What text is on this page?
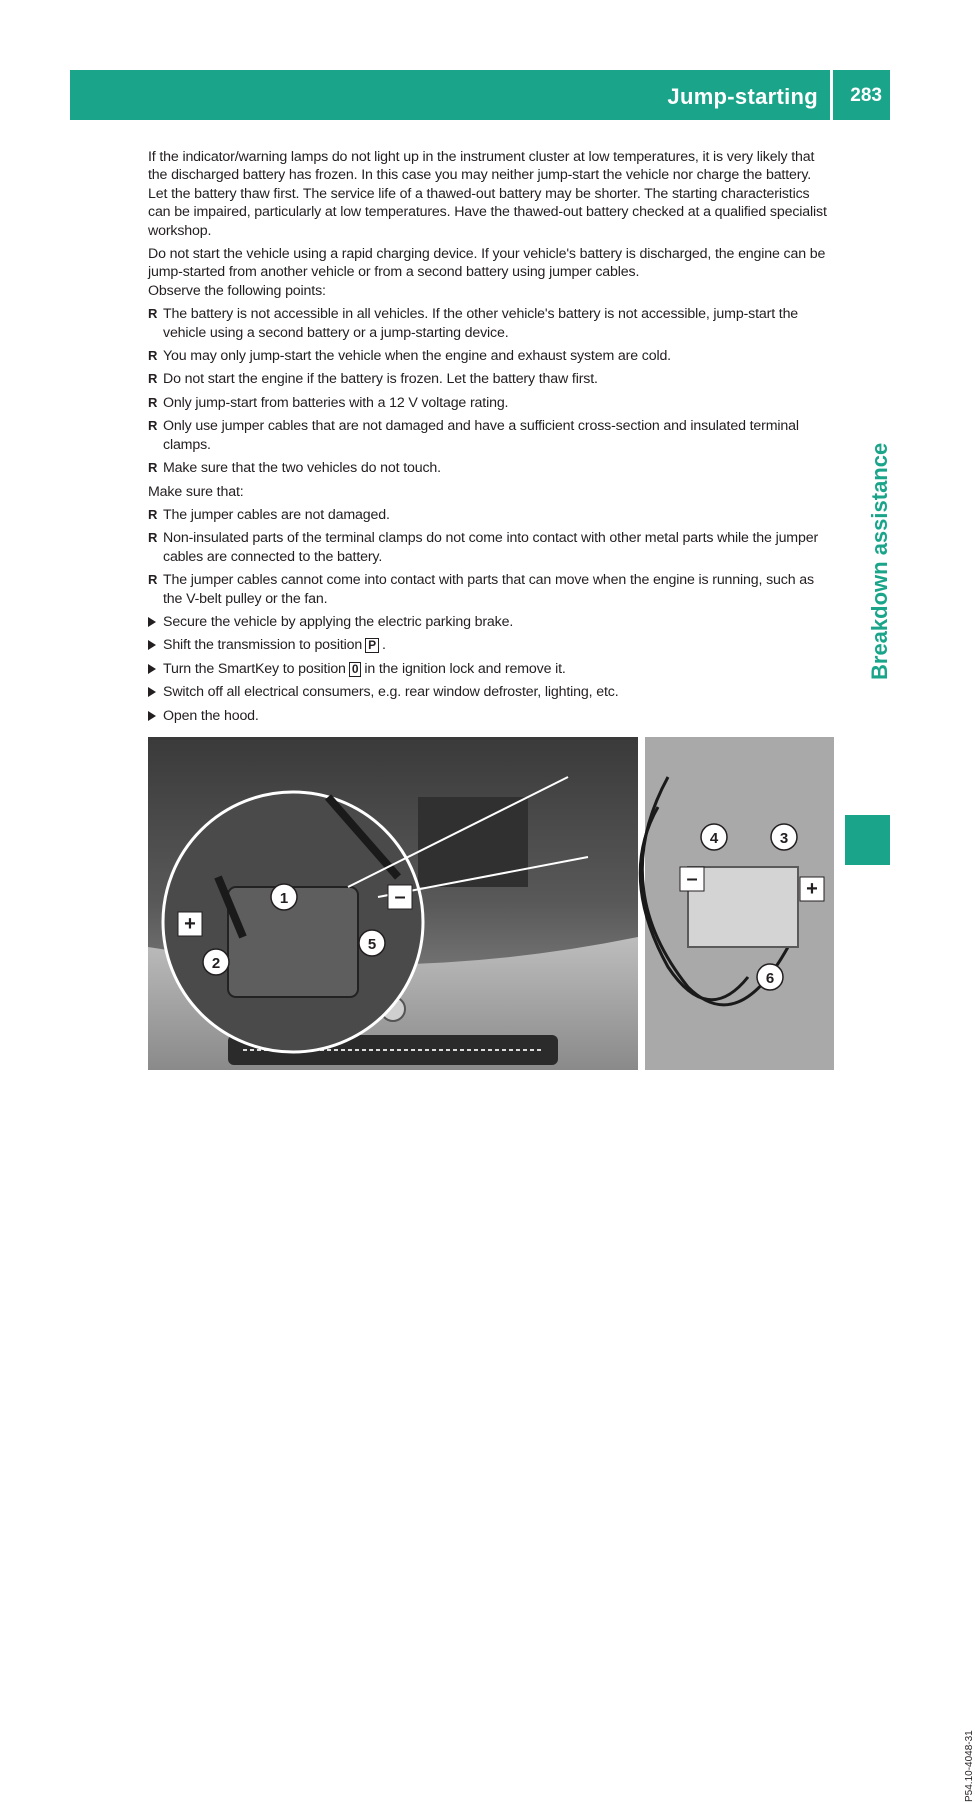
Jump-starting 283
Breakdown assistance

If the indicator/warning lamps do not light up in the instrument cluster at low temperatures, it is very likely that the discharged battery has frozen. In this case you may neither jump-start the vehicle nor charge the battery. Let the battery thaw first. The service life of a thawed-out battery may be shorter. The starting characteristics can be impaired, particularly at low temperatures. Have the thawed-out battery checked at a qualified specialist workshop.

Do not start the vehicle using a rapid charging device. If your vehicle's battery is discharged, the engine can be jump-started from another vehicle or from a second battery using jumper cables.

Observe the following points:

R The battery is not accessible in all vehicles. If the other vehicle's battery is not accessible, jump-start the vehicle using a second battery or a jump-starting device.
R You may only jump-start the vehicle when the engine and exhaust system are cold.
R Do not start the engine if the battery is frozen. Let the battery thaw first.
R Only jump-start from batteries with a 12 V voltage rating.
R Only use jumper cables that are not damaged and have a sufficient cross-section and insulated terminal clamps.
R Make sure that the two vehicles do not touch.

Make sure that:

R The jumper cables are not damaged.
R Non-insulated parts of the terminal clamps do not come into contact with other metal parts while the jumper cables are connected to the battery.
R The jumper cables cannot come into contact with parts that can move when the engine is running, such as the V-belt pulley or the fan.
Secure the vehicle by applying the electric parking brake.
Shift the transmission to position P .
Turn the SmartKey to position 0 in the ignition lock and remove it.
Switch off all electrical consumers, e.g. rear window defroster, lighting, etc.
Open the hood.
+
–
1
2
5
–	+
4	3
6
P54.10-4048-31
